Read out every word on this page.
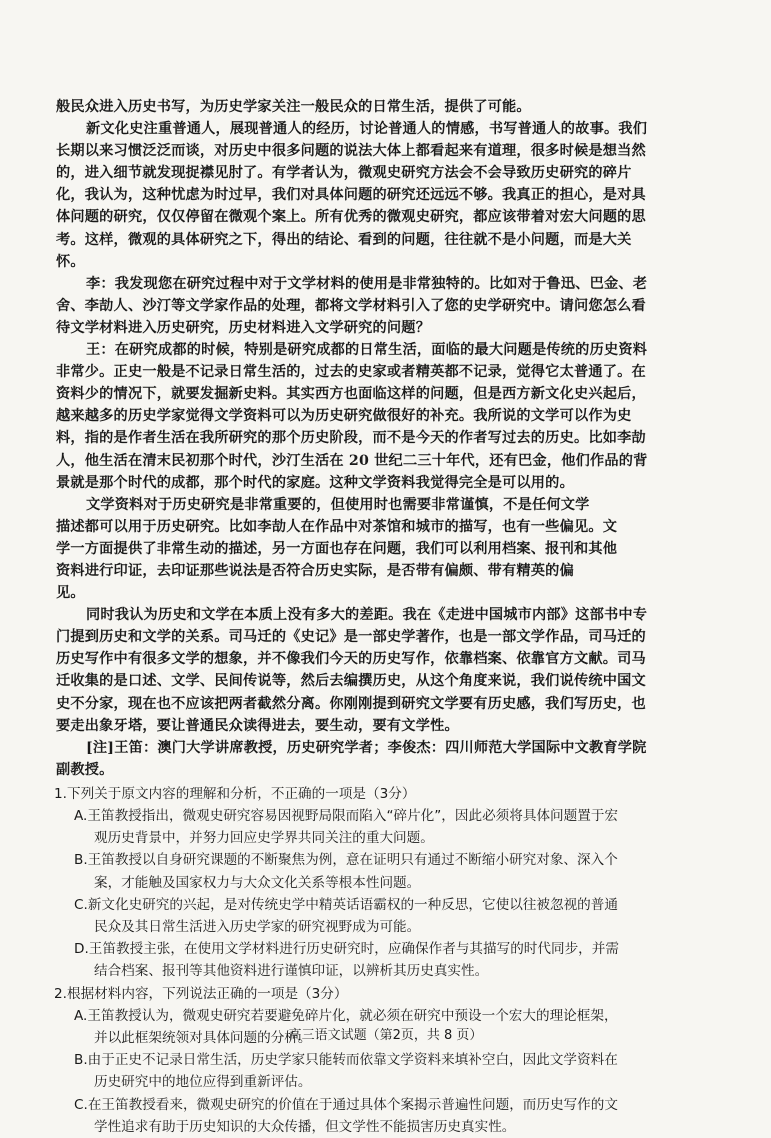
般民众进入历史书写，为历史学家关注一般民众的日常生活，提供了可能。
新文化史注重普通人，展现普通人的经历，讨论普通人的情感，书写普通人的故事。我们
长期以来习惯泛泛而谈，对历史中很多问题的说法大体上都看起来有道理，很多时候是想当然
的，进入细节就发现捉襟见肘了。有学者认为，微观史研究方法会不会导致历史研究的碎片
化，我认为，这种忧虑为时过早，我们对具体问题的研究还远远不够。我真正的担心，是对具
体问题的研究，仅仅停留在微观个案上。所有优秀的微观史研究，都应该带着对宏大问题的思
考。这样，微观的具体研究之下，得出的结论、看到的问题，往往就不是小问题，而是大关
怀。
李：我发现您在研究过程中对于文学材料的使用是非常独特的。比如对于鲁迅、巴金、老
舍、李劼人、沙汀等文学家作品的处理，都将文学材料引入了您的史学研究中。请问您怎么看
待文学材料进入历史研究，历史材料进入文学研究的问题？
王：在研究成都的时候，特别是研究成都的日常生活，面临的最大问题是传统的历史资料
非常少。正史一般是不记录日常生活的，过去的史家或者精英都不记录，觉得它太普通了。在
资料少的情况下，就要发掘新史料。其实西方也面临这样的问题，但是西方新文化史兴起后，
越来越多的历史学家觉得文学资料可以为历史研究做很好的补充。我所说的文学可以作为史
料，指的是作者生活在我所研究的那个历史阶段，而不是今天的作者写过去的历史。比如李劼
人，他生活在清末民初那个时代，沙汀生活在 20 世纪二三十年代，还有巴金，他们作品的背
景就是那个时代的成都，那个时代的家庭。这种文学资料我觉得完全是可以用的。
文学资料对于历史研究是非常重要的，但使用时也需要非常谨慎，不是任何文学
描述都可以用于历史研究。比如李劼人在作品中对茶馆和城市的描写，也有一些偏见。文
学一方面提供了非常生动的描述，另一方面也存在问题，我们可以利用档案、报刊和其他
资料进行印证，去印证那些说法是否符合历史实际，是否带有偏颇、带有精英的偏
见。
同时我认为历史和文学在本质上没有多大的差距。我在《走进中国城市内部》这部书中专
门提到历史和文学的关系。司马迁的《史记》是一部史学著作，也是一部文学作品，司马迁的
历史写作中有很多文学的想象，并不像我们今天的历史写作，依靠档案、依靠官方文献。司马
迁收集的是口述、文学、民间传说等，然后去编撰历史，从这个角度来说，我们说传统中国文
史不分家，现在也不应该把两者截然分离。你刚刚提到研究文学要有历史感，我们写历史，也
要走出象牙塔，要让普通民众读得进去，要生动，要有文学性。
[注]王笛：澳门大学讲席教授，历史研究学者；李俊杰：四川师范大学国际中文教育学院
副教授。
1.下列关于原文内容的理解和分析，不正确的一项是（3分）
A.王笛教授指出，微观史研究容易因视野局限而陷入“碎片化”，因此必须将具体问题置于宏
观历史背景中，并努力回应史学界共同关注的重大问题。
B.王笛教授以自身研究课题的不断聚焦为例，意在证明只有通过不断缩小研究对象、深入个
案，才能触及国家权力与大众文化关系等根本性问题。
C.新文化史研究的兴起，是对传统史学中精英话语霸权的一种反思，它使以往被忽视的普通
民众及其日常生活进入历史学家的研究视野成为可能。
D.王笛教授主张，在使用文学材料进行历史研究时，应确保作者与其描写的时代同步，并需
结合档案、报刊等其他资料进行谨慎印证，以辨析其历史真实性。
2.根据材料内容，下列说法正确的一项是（3分）
A.王笛教授认为，微观史研究若要避免碎片化，就必须在研究中预设一个宏大的理论框架，
并以此框架统领对具体问题的分析。
B.由于正史不记录日常生活，历史学家只能转而依靠文学资料来填补空白，因此文学资料在
历史研究中的地位应得到重新评估。
C.在王笛教授看来，微观史研究的价值在于通过具体个案揭示普遍性问题，而历史写作的文
学性追求有助于历史知识的大众传播，但文学性不能损害历史真实性。
高三语文试题（第2页，共 8 页）
